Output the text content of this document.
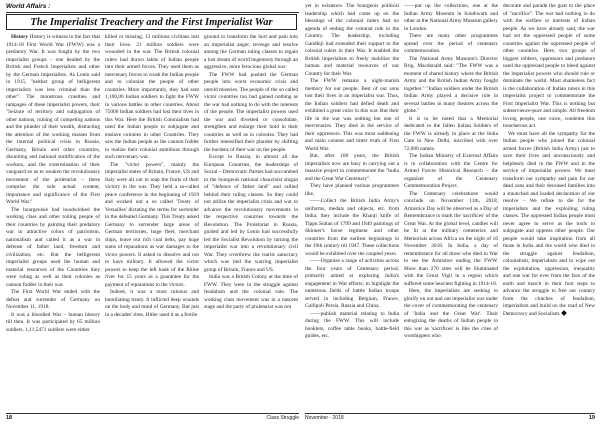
World Affairs :
The Imperialist Treachery and the First Imperialist War

History History is witness to the fact that 1914-18 First World War (FWW) was a predatory War. It was fought by the two imperialist groups – one headed by the British and French imperialists and other by the German imperialists. As Lenin said in 1915, "neither group of belligerent imperialists was less criminal than the other". The monstrous cruelties and rampages of these imperialist powers, their "Seizure of territory and subjugation of other nations, ruining of competing nations and the plunder of their wealth, distracting the attention of the working masses from the internal political crisis in Russia, Germany, Britain and other countries, disuniting and national stultification of the workers, and the extermination of their vanguard so as to weaken the revolutionary movement of the proletariat – these comprise the sole actual content, importance and significance of the First World War."

The bourgeoisie had hoodwinked the working class and other toiling people of their countries by painting their predatory war in attractive colors of patriotism, nationalism and called it as a war in defense of father land, freedom and civilization, etc. But the belligerent imperialist groups used the human and material resources of the Countries they were ruling as well as their colonies as cannon fodder in their war.

The First World War ended with the defeat and surrender of Germany on November 11, 1918.

It was a bloodied War – human history till then. It was participated by 65 million soldiers. 1,11,5471 soldiers were either

killed or missing, 13 millions civilians lost their lives. 21 million soldiers were wounded in the war. The British colonial rulers had drawn lakhs of Indian people into their armed forces. They used them as mercenary forces to crush the Indian people and to colonize the people of other countries. More importantly, they had sent 1,100,00 Indian soldiers to fight the FWW in various battles in other countries. About 75000 Indian soldiers had lost their lives in this War. Here the British Colonialists had used the Indian people to subjugate and enslave colonies in other Countries. They saw the Indian people as the cannon fodder to realize their colonial ambitions through such mercenary war.

The "victor powers", mainly the imperialist states of Britain, France, US and Italy were all out to reap the fruits of their victory in the war. They held a so-called peace conference in the beginning of 1919 and worked out a so called 'Treaty of Versailles' dictating the terms for surrender to the defeated Germany. This Treaty asked Germany to surrender large areas of German territories, huge fleet, merchant ships, leave out rich coal belts, pay huge sums of reparations as war damages to the victor powers. It asked to dissolve and not to have military. It allowed the victor powers to keep the left bank of the Rhine river for 15 years as a guarantee for the payment of reparations to the victors.

Indeed, it was a most ruinous and humiliating treaty. It inflicted deep wounds on the body and mind of Germany. But just in a decades' time, Hitler used it as a fertile

ground to transform the hurt and pain into an imperialist anger, revenge and resolve among the German ruling classes to regain a lost dream of world hegemony through an aggressive, more ferocious global war.

The FWW had pushed the German people into worst economic crisis and untold miseries. The people of the so called victor countries too had gained nothing as the war had nothing to do with the interests of the people. The imperialist powers used the war and divested or consolidate, strengthen and enlarge their hold in their countries as well as in colonies. They had further intensified their plunder by shifting the burdens of their war on the people.

Except in Russia, in almost all the European Countries, the leaderships of Social – Democratic Parties had succumbed to the bourgeois national chauvinist slogan of "defence of father land" and rallied behind their ruling classes. So they could not utilize the imperialist crisis and war to advance the revolutionary movements in the respective countries towards the Revolution. The Proletariat in Russia, guided and led by Lenin had successfully led the Socialist Revolution by turning the imperialist war into a revolutionary civil War. They overthrew the tsarist autocracy which was tied the warring imperialist group of Britain, France and US.

India was a British Colony at the time of FWW. They were in the struggle against feudalism and the colonial rule. The working class movement was in a nascent stage and the party of proletariat was not

yet in existence. The bourgeois political leadership which had come up on the blessings of the colonial rulers had no agenda of ending the colonial rule in the Country. The leadership, including Gandhiji had extended their support to the colonial rulers in their War. It enabled the British imperialists to freely mobilize the human and material resources of our Country for their War.

The FWW remains a night-marish memory for our people. Best of our sons lost their lives in an imperialist war. Thus, the Indian soldiers had defied death and exhibited a great valor in this war. But their life in the war was nothing but one of mercenaries. They died in the service of their oppressors. This was most saddening and main content and bitter truth of First World War.

But, after 100 years, the British imperialists now are busy in carrying out a massive project to commemorate the "India and the Great War Centenary".

They have planned various programmes like,

——Collect the British India Army's uniforms, medals and objects, etc. from India; they include the Khanji knife of Tippu Sultan of 1799 and 1840 paintings of Skinner's horse regiment and other countries from the earliest beginnings in the 19th century till 1947. These collections would be exhibited over the coupled years.

——Organise a range of activities across the four years of Centenary period, primarily aimed at exploring India's engagement in War efforts; to highlight the numerous fields of battle Indian troops served in including Belgium, France, Gallipoli Persia, Russia and China.

——publish material relating to India during the FWW. This will include booklets, coffee table books, battle-field guides, etc.

——put up the collections, one at the Indian Army Museum in Southwark and other at the National Army Museum gallery in London.

There are many other programmes spread over the period of centenary commemoration.

The National Army Museum's Director Brig. Macdonald said: "The FWW was a moment of shared history where the British Army and the British Indian Army fought together." "Indian soldiers under the British Indian Army played a decisive role in several battles in many theatres across the globe."

It is to be noted that a Memorial dedicated to the fallen Indian Soldiers of the FWW is already in place at the India Gate in New Delhi, inscribed with over 72,000 names.

The Indian Ministry of External Affairs is in collaboration with the Centre for Armed Forces Historical Research – the organizer of the Centenary Commemoration Project.

The Centenary celebrations would conclude on November 11th, 2018, Armistice Day will be observed as a Day of Remembrance to mark the 'sacrifices' of the Great War. At the global level, candles will be lit at the military cemeteries and Memorials across Africa on the night of 10 November 2018. In India, a day of remembrance for all those who died in War to see the Armistice ending the FWW. More than 270 sites will be illuminated with the Great Vigil in a region which suffered some heaviest fighting in 1914-18.

Here, the imperialists are seeking to glorify on out and out imperialist war under the cover of commemorating the centenary of 'India and the Great War'. Their eulogizing the deaths of Indian people in this war as 'sacrifices' is like the cries of worshippers who

decorate and parade the goat to the place of "sacrifice". The war had nothing to do with the welfare or interests of Indian people. As we have already said, the war had set the oppressed people of some countries against the oppressed people of other countries. Here, two groups of biggest robbers, oppressors and predators used the oppressed people to bleed against the imperialist powers who should rule or dominate the world. Most shameless fact is the collaboration of Indian rulers in this imperialist project to commemorate the First Imperialist War. This is nothing but subservience-pure and simple. All freedom loving people, one voice, condemn this treacherous act.

We must have all the sympathy for the Indian people who joined the colonial armed forces (British India Army) just to save their lives and unconsciously and helplessly died in the FWW and in the service of imperialist powers. We must transform our sympathy and pain for our dead sons and their deceased families into a staunched and loaded declaration of our resolve – We refuse to die for the imperialists and the exploiting ruling classes. The oppressed Indian people must never agree to serve as the tools to subjugate and oppress other people. Our people would take inspiration from all those in India and the world who died in the struggle against feudalism, colonialism, imperialism and to wipe out the exploitation, oppression, inequality and one war for ever from the face of the earth and march in their foot steps to advance the struggle to free our country from the clutches of feudalism, imperialism and build on the road of New Democracy and Socialism.

18	Class Struggle November - 2018	19
